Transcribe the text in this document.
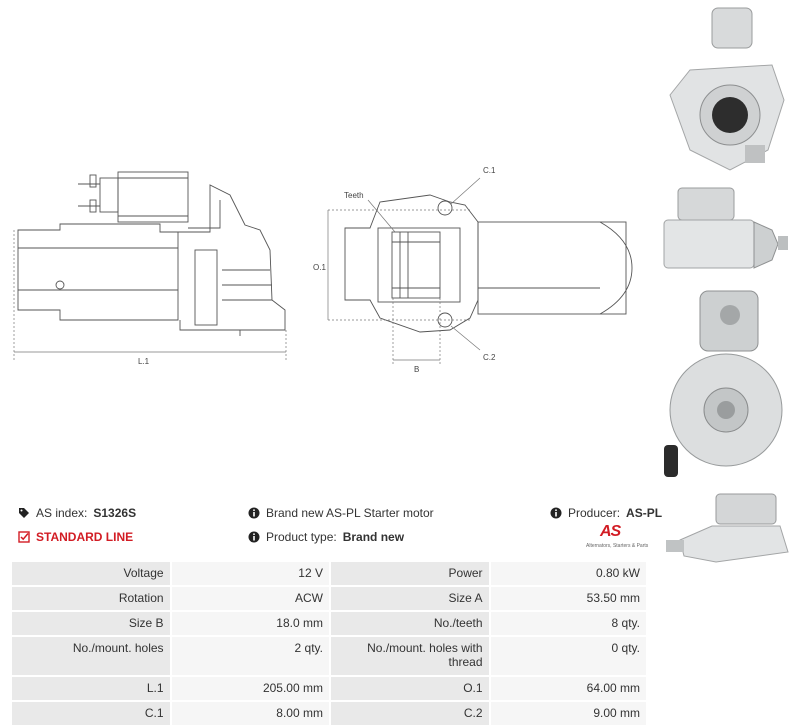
L.1
Teeth
C.1
C.2
O.1
B
AS index: S1326S
STANDARD LINE
Brand new AS-PL Starter motor
Product type: Brand new
Producer: AS-PL
AS
Alternators, Starters & Parts
Voltage	12 V	Power	0.80 kW
Rotation	ACW	Size A	53.50 mm
Size B	18.0 mm	No./teeth	8 qty.
No./mount. holes	2 qty.	No./mount. holes with thread	0 qty.
L.1	205.00 mm	O.1	64.00 mm
C.1	8.00 mm	C.2	9.00 mm
